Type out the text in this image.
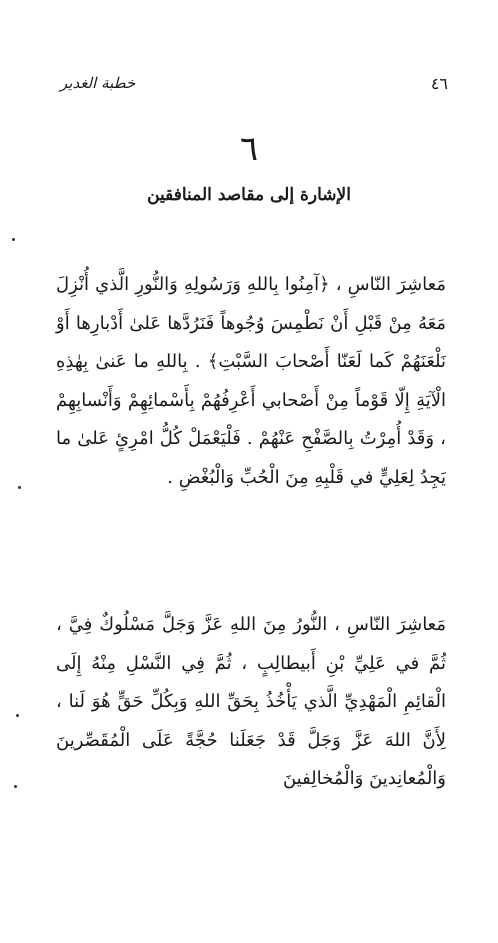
٤٦
خطبة الغدير
٦
الإشارة إلى مقاصد المنافقين
مَعاشِرَ النّاسِ ، ﴿آمِنُوا بِاللهِ وَرَسُولِهِ وَالنُّورِ الَّذي أُنْزِلَ مَعَهُ مِنْ قَبْلِ أَنْ نَطْمِسَ وُجُوهاً فَنَرُدَّها عَلىٰ أَدْبارِها أَوْ نَلْعَنَهُمْ كَما لَعَنّا أَصْحابَ السَّبْتِ﴾ . بِاللهِ ما عَنىٰ بِهٰذِهِ الْآيَةِ إِلّا قَوْماً مِنْ أَصْحابي أَعْرِفُهُمْ بِأَسْمائِهِمْ وَأَنْسابِهِمْ ، وَقَدْ أُمِرْتُ بِالصَّفْحِ عَنْهُمْ . فَلْيَعْمَلْ كُلُّ امْرِئٍ عَلىٰ ما يَجِدُ لِعَلِيٍّ في قَلْبِهِ مِنَ الْحُبِّ وَالْبُغْضِ .
مَعاشِرَ النّاسِ ، النُّورُ مِنَ اللهِ عَزَّ وَجَلَّ مَسْلُوكٌ فِيَّ ، ثُمَّ في عَلِيِّ بْنِ أَبيطالِبٍ ، ثُمَّ فِي النَّسْلِ مِنْهُ إِلَى الْقائِمِ الْمَهْدِيِّ الَّذي يَأْخُذُ بِحَقِّ اللهِ وَبِكُلِّ حَقٍّ هُوَ لَنا ، لِأَنَّ اللهَ عَزَّ وَجَلَّ قَدْ جَعَلَنا حُجَّةً عَلَى الْمُقَصِّرينَ وَالْمُعانِدينَ وَالْمُخالِفينَ
